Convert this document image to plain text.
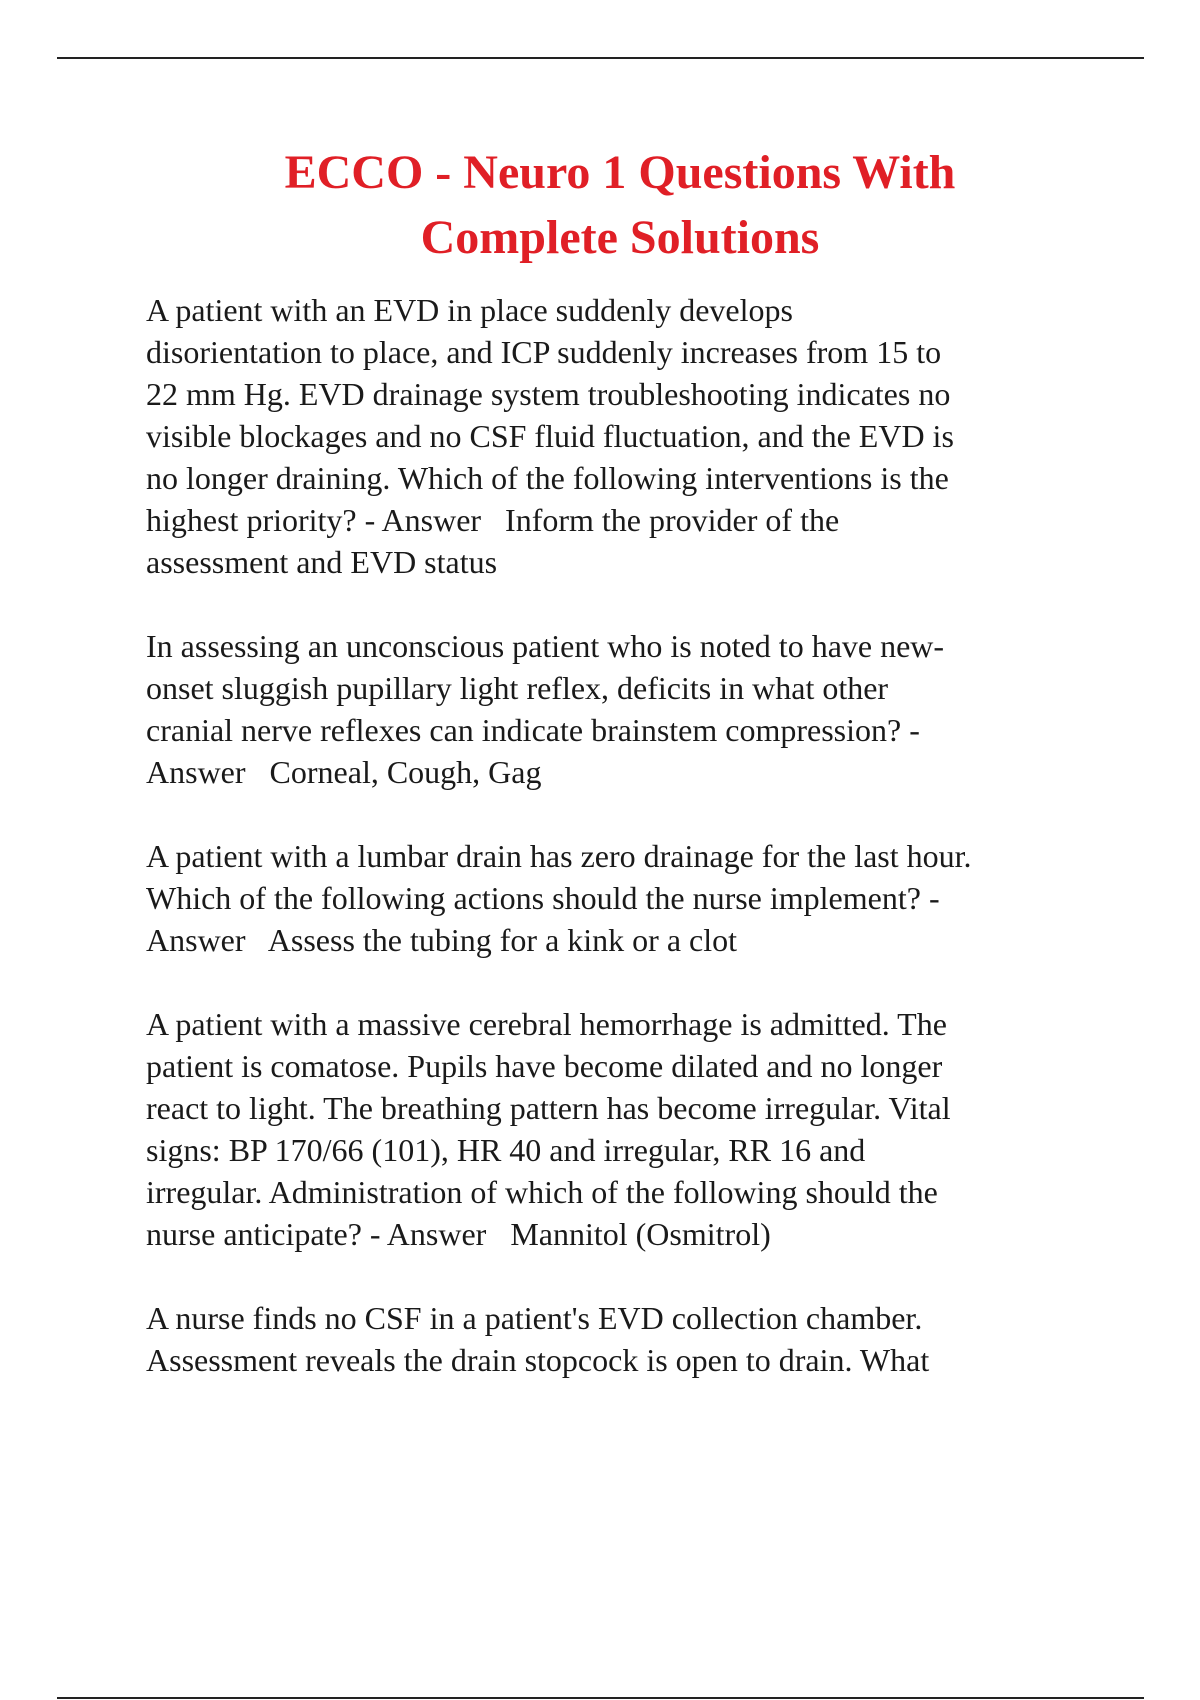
ECCO - Neuro 1 Questions With
Complete Solutions

A patient with an EVD in place suddenly develops
disorientation to place, and ICP suddenly increases from 15 to
22 mm Hg. EVD drainage system troubleshooting indicates no
visible blockages and no CSF fluid fluctuation, and the EVD is
no longer draining. Which of the following interventions is the
highest priority? - Answer   Inform the provider of the
assessment and EVD status

In assessing an unconscious patient who is noted to have new-
onset sluggish pupillary light reflex, deficits in what other
cranial nerve reflexes can indicate brainstem compression? -
Answer   Corneal, Cough, Gag

A patient with a lumbar drain has zero drainage for the last hour.
Which of the following actions should the nurse implement? -
Answer   Assess the tubing for a kink or a clot

A patient with a massive cerebral hemorrhage is admitted. The
patient is comatose. Pupils have become dilated and no longer
react to light. The breathing pattern has become irregular. Vital
signs: BP 170/66 (101), HR 40 and irregular, RR 16 and
irregular. Administration of which of the following should the
nurse anticipate? - Answer   Mannitol (Osmitrol)

A nurse finds no CSF in a patient's EVD collection chamber.
Assessment reveals the drain stopcock is open to drain. What
